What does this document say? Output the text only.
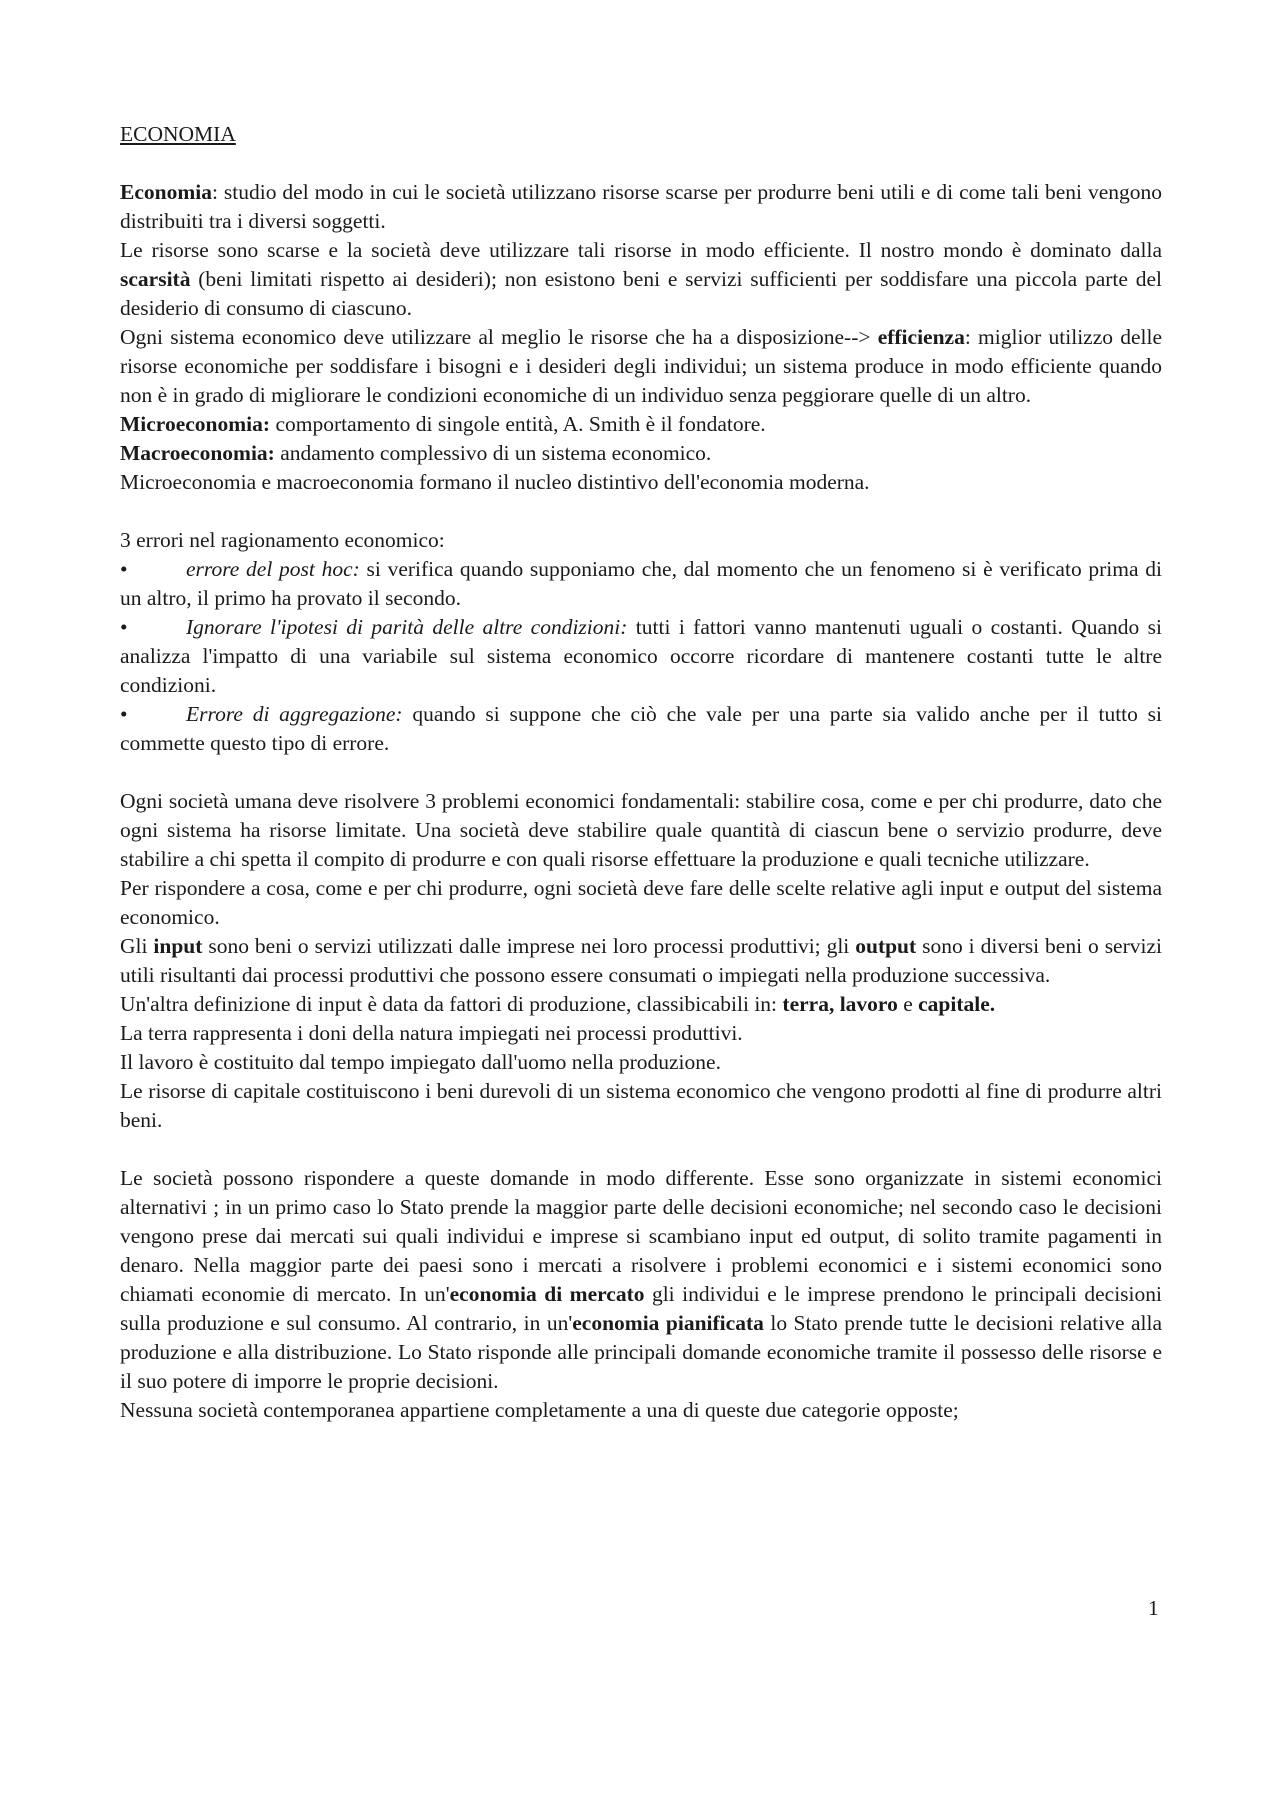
ECONOMIA

Economia: studio del modo in cui le società utilizzano risorse scarse per produrre beni utili e di come tali beni vengono distribuiti tra i diversi soggetti.

Le risorse sono scarse e la società deve utilizzare tali risorse in modo efficiente. Il nostro mondo è dominato dalla scarsità (beni limitati rispetto ai desideri); non esistono beni e servizi sufficienti per soddisfare una piccola parte del desiderio di consumo di ciascuno.

Ogni sistema economico deve utilizzare al meglio le risorse che ha a disposizione--> efficienza: miglior utilizzo delle risorse economiche per soddisfare i bisogni e i desideri degli individui; un sistema produce in modo efficiente quando non è in grado di migliorare le condizioni economiche di un individuo senza peggiorare quelle di un altro.

Microeconomia: comportamento di singole entità, A. Smith è il fondatore.

Macroeconomia: andamento complessivo di un sistema economico.

Microeconomia e macroeconomia formano il nucleo distintivo dell'economia moderna.

3 errori nel ragionamento economico:

•	errore del post hoc: si verifica quando supponiamo che, dal momento che un fenomeno si è verificato prima di un altro, il primo ha provato il secondo.

•	Ignorare l'ipotesi di parità delle altre condizioni: tutti i fattori vanno mantenuti uguali o costanti. Quando si analizza l'impatto di una variabile sul sistema economico occorre ricordare di mantenere costanti tutte le altre condizioni.

•	Errore di aggregazione: quando si suppone che ciò che vale per una parte sia valido anche per il tutto si commette questo tipo di errore.

Ogni società umana deve risolvere 3 problemi economici fondamentali: stabilire cosa, come e per chi produrre, dato che ogni sistema ha risorse limitate. Una società deve stabilire quale quantità di ciascun bene o servizio produrre, deve stabilire a chi spetta il compito di produrre e con quali risorse effettuare la produzione e quali tecniche utilizzare.

Per rispondere a cosa, come e per chi produrre, ogni società deve fare delle scelte relative agli input e output del sistema economico.

Gli input sono beni o servizi utilizzati dalle imprese nei loro processi produttivi; gli output sono i diversi beni o servizi utili risultanti dai processi produttivi che possono essere consumati o impiegati nella produzione successiva.

Un'altra definizione di input è data da fattori di produzione, classibicabili in: terra, lavoro e capitale.

La terra rappresenta i doni della natura impiegati nei processi produttivi.

Il lavoro è costituito dal tempo impiegato dall'uomo nella produzione.

Le risorse di capitale costituiscono i beni durevoli di un sistema economico che vengono prodotti al fine di produrre altri beni.

Le società possono rispondere a queste domande in modo differente. Esse sono organizzate in sistemi economici alternativi ; in un primo caso lo Stato prende la maggior parte delle decisioni economiche; nel secondo caso le decisioni vengono prese dai mercati sui quali individui e imprese si scambiano input ed output, di solito tramite pagamenti in denaro. Nella maggior parte dei paesi sono i mercati a risolvere i problemi economici e i sistemi economici sono chiamati economie di mercato. In un'economia di mercato gli individui e le imprese prendono le principali decisioni sulla produzione e sul consumo. Al contrario, in un'economia pianificata lo Stato prende tutte le decisioni relative alla produzione e alla distribuzione. Lo Stato risponde alle principali domande economiche tramite il possesso delle risorse e il suo potere di imporre le proprie decisioni.

Nessuna società contemporanea appartiene completamente a una di queste due categorie opposte;

1
